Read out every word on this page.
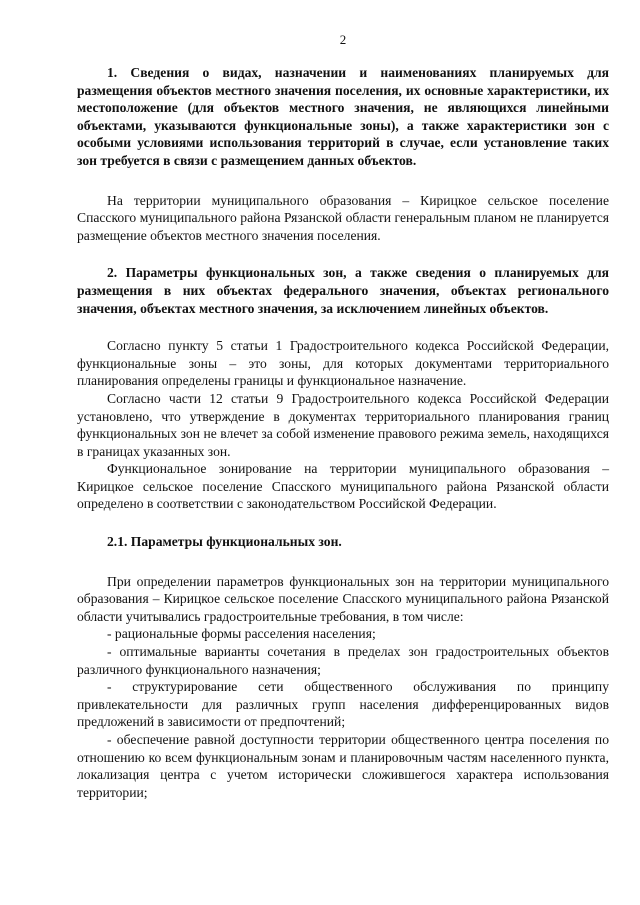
2

1. Сведения о видах, назначении и наименованиях планируемых для размещения объектов местного значения поселения, их основные характеристики, их местоположение (для объектов местного значения, не являющихся линейными объектами, указываются функциональные зоны), а также характеристики зон с особыми условиями использования территорий в случае, если установление таких зон требуется в связи с размещением данных объектов.

На территории муниципального образования – Кирицкое сельское поселение Спасского муниципального района Рязанской области генеральным планом не планируется размещение объектов местного значения поселения.

2. Параметры функциональных зон, а также сведения о планируемых для размещения в них объектах федерального значения, объектах регионального значения, объектах местного значения, за исключением линейных объектов.

Согласно пункту 5 статьи 1 Градостроительного кодекса Российской Федерации, функциональные зоны – это зоны, для которых документами территориального планирования определены границы и функциональное назначение.

Согласно части 12 статьи 9 Градостроительного кодекса Российской Федерации установлено, что утверждение в документах территориального планирования границ функциональных зон не влечет за собой изменение правового режима земель, находящихся в границах указанных зон.

Функциональное зонирование на территории муниципального образования – Кирицкое сельское поселение Спасского муниципального района Рязанской области определено в соответствии с законодательством Российской Федерации.

2.1. Параметры функциональных зон.

При определении параметров функциональных зон на территории муниципального образования – Кирицкое сельское поселение Спасского муниципального района Рязанской области учитывались градостроительные требования, в том числе:

- рациональные формы расселения населения;

- оптимальные варианты сочетания в пределах зон градостроительных объектов различного функционального назначения;

- структурирование сети общественного обслуживания по принципу привлекательности для различных групп населения дифференцированных видов предложений в зависимости от предпочтений;

- обеспечение равной доступности территории общественного центра поселения по отношению ко всем функциональным зонам и планировочным частям населенного пункта, локализация центра с учетом исторически сложившегося характера использования территории;
